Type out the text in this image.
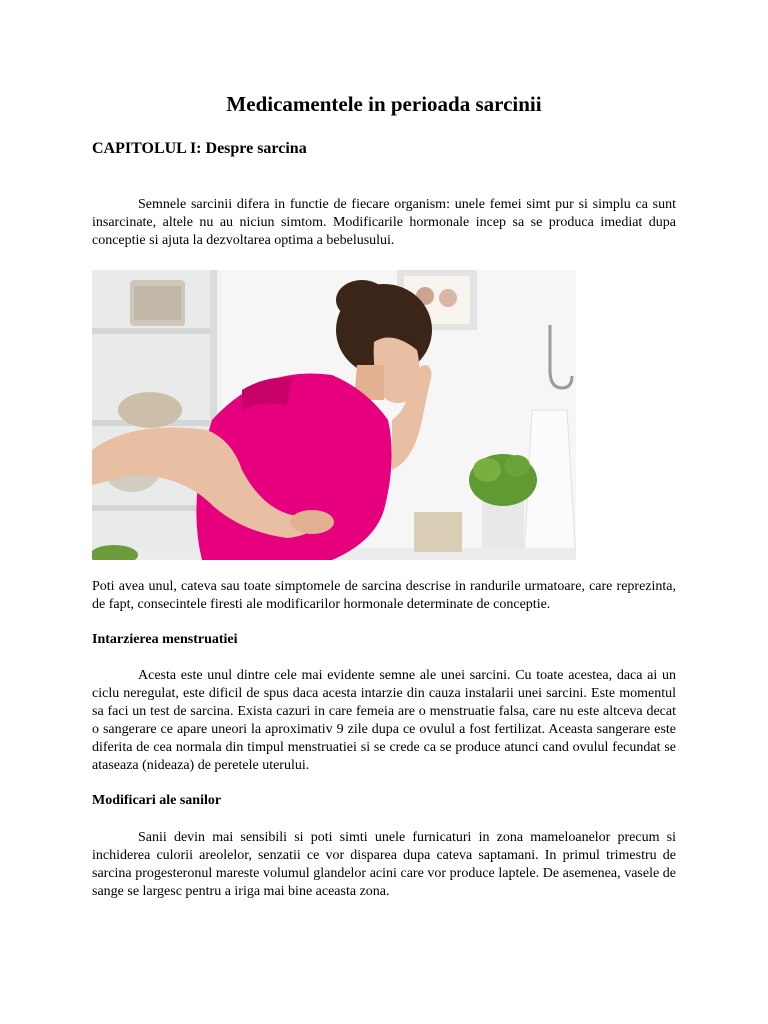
Medicamentele in perioada sarcinii
CAPITOLUL I: Despre sarcina

Semnele sarcinii difera in functie de fiecare organism: unele femei simt pur si simplu ca sunt insarcinate, altele nu au niciun simtom. Modificarile hormonale incep sa se produca imediat dupa conceptie si ajuta la dezvoltarea optima a bebelusului.

Poti avea unul, cateva sau toate simptomele de sarcina descrise in randurile urmatoare, care reprezinta, de fapt, consecintele firesti ale modificarilor hormonale determinate de conceptie.

Intarzierea menstruatiei

Acesta este unul dintre cele mai evidente semne ale unei sarcini. Cu toate acestea, daca ai un ciclu neregulat, este dificil de spus daca acesta intarzie din cauza instalarii unei sarcini. Este momentul sa faci un test de sarcina. Exista cazuri in care femeia are o menstruatie falsa, care nu este altceva decat o sangerare ce apare uneori la aproximativ 9 zile dupa ce ovulul a fost fertilizat. Aceasta sangerare este diferita de cea normala din timpul menstruatiei si se crede ca se produce atunci cand ovulul fecundat se ataseaza (nideaza) de peretele uterului.

Modificari ale sanilor

Sanii devin mai sensibili si poti simti unele furnicaturi in zona mameloanelor precum si inchiderea culorii areolelor, senzatii ce vor disparea dupa cateva saptamani. In primul trimestru de sarcina progesteronul mareste volumul glandelor acini care vor produce laptele. De asemenea, vasele de sange se largesc pentru a iriga mai bine aceasta zona.
